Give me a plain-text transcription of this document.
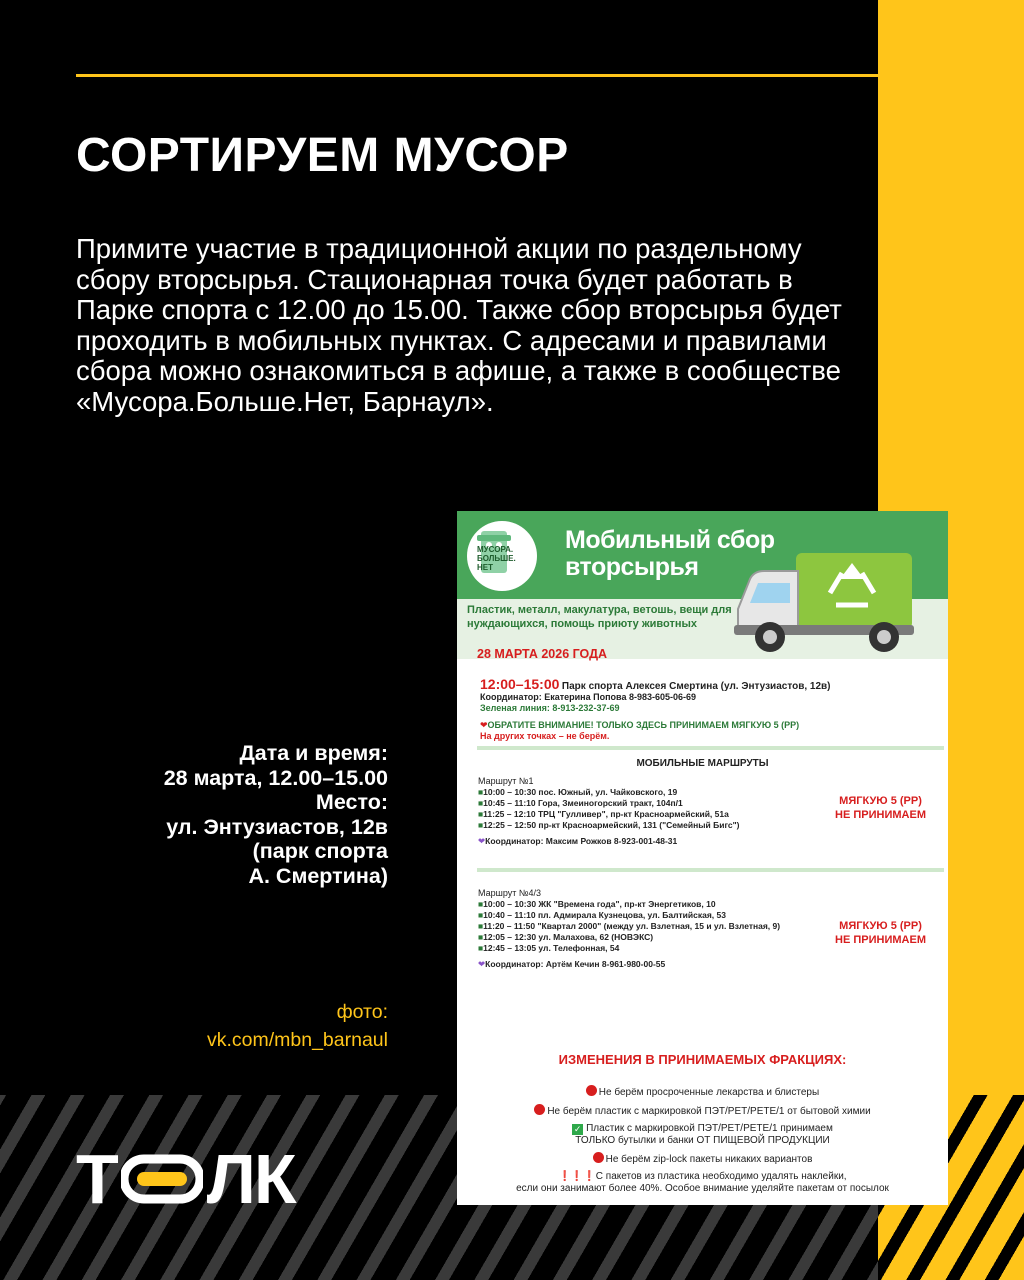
СОРТИРУЕМ МУСОР

Примите участие в традиционной акции по раздельному сбору вторсырья. Стационарная точка будет работать в Парке спорта с 12.00 до 15.00. Также сбор вторсырья будет проходить в мобильных пунктах. С адресами и правилами сбора можно ознакомиться в афише, а также в сообществе «Мусора.Больше.Нет, Барнаул».

Дата и время:
28 марта, 12.00–15.00
Место:
ул. Энтузиастов, 12в
(парк спорта
А. Смертина)
фото:
vk.com/mbn_barnaul
Т ЛК
МУСОРА. БОЛЬШЕ. НЕТ
Мобильный сбор
вторсырья
Пластик, металл, макулатура, ветошь, вещи для нуждающихся, помощь приюту животных
28 МАРТА 2026 ГОДА
12:00–15:00 Парк спорта Алексея Смертина (ул. Энтузиастов, 12в)
Координатор: Екатерина Попова 8-983-605-06-69
Зеленая линия: 8-913-232-37-69
❤ОБРАТИТЕ ВНИМАНИЕ! ТОЛЬКО ЗДЕСЬ ПРИНИМАЕМ МЯГКУЮ 5 (PP)
На других точках – не берём.
МОБИЛЬНЫЕ МАРШРУТЫ
Маршрут №1
■10:00 – 10:30 пос. Южный, ул. Чайковского, 19
■10:45 – 11:10 Гора, Змеиногорский тракт, 104п/1
■11:25 – 12:10 ТРЦ "Гулливер", пр-кт Красноармейский, 51а
■12:25 – 12:50 пр-кт Красноармейский, 131 ("Семейный Бигс")
❤Координатор: Максим Рожков 8-923-001-48-31
МЯГКУЮ 5 (PP)
НЕ ПРИНИМАЕМ
Маршрут №4/3
■10:00 – 10:30 ЖК "Времена года", пр-кт Энергетиков, 10
■10:40 – 11:10 пл. Адмирала Кузнецова, ул. Балтийская, 53
■11:20 – 11:50 "Квартал 2000" (между ул. Взлетная, 15 и ул. Взлетная, 9)
■12:05 – 12:30 ул. Малахова, 62 (НОВЭКС)
■12:45 – 13:05 ул. Телефонная, 54
❤Координатор: Артём Кечин 8-961-980-00-55
МЯГКУЮ 5 (PP)
НЕ ПРИНИМАЕМ
ИЗМЕНЕНИЯ В ПРИНИМАЕМЫХ ФРАКЦИЯХ:
Не берём просроченные лекарства и блистеры
Не берём пластик с маркировкой ПЭТ/PET/PETE/1 от бытовой химии
✓ Пластик с маркировкой ПЭТ/PET/PETE/1 принимаем
ТОЛЬКО бутылки и банки ОТ ПИЩЕВОЙ ПРОДУКЦИИ
Не берём zip-lock пакеты никаких вариантов
❗❗❗С пакетов из пластика необходимо удалять наклейки,
если они занимают более 40%. Особое внимание уделяйте пакетам от посылок
